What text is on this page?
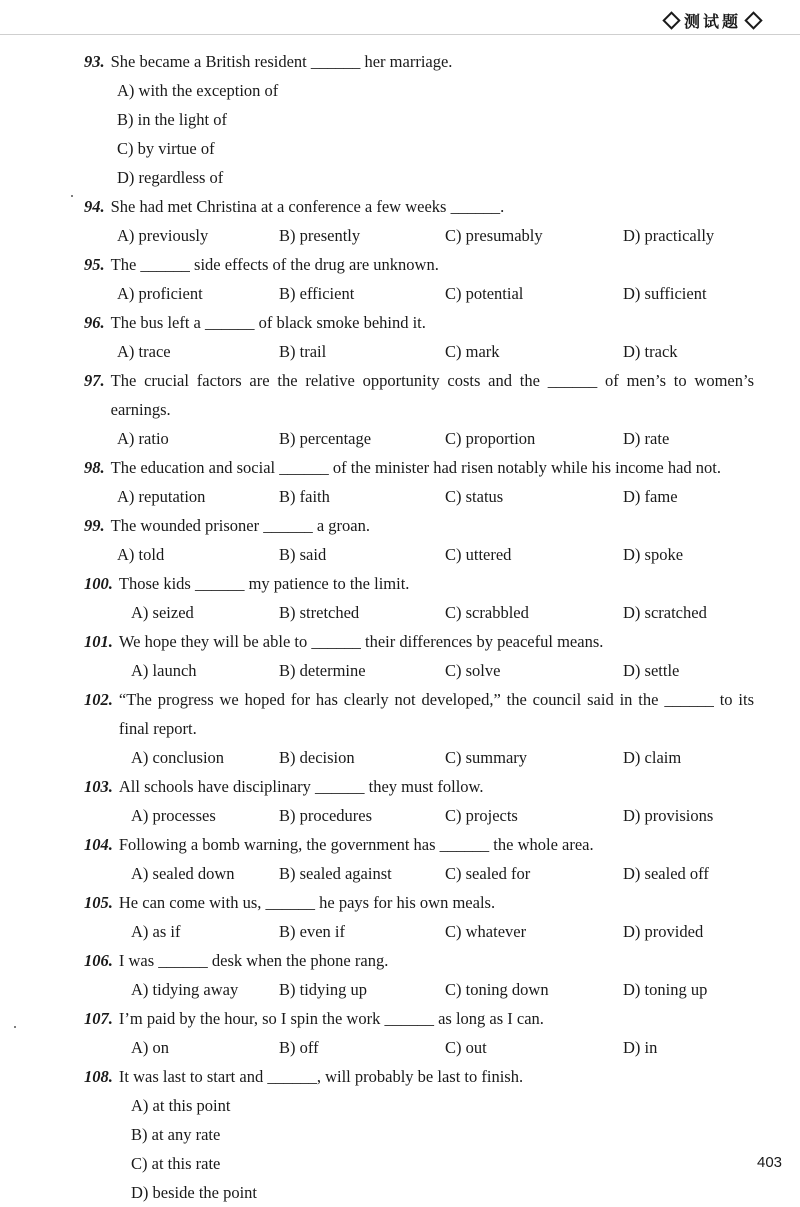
测试题
93. She became a British resident ______ her marriage.
A) with the exception of
B) in the light of
C) by virtue of
D) regardless of
94. She had met Christina at a conference a few weeks ______.
A) previously	B) presently	C) presumably	D) practically
95. The ______ side effects of the drug are unknown.
A) proficient	B) efficient	C) potential	D) sufficient
96. The bus left a ______ of black smoke behind it.
A) trace	B) trail	C) mark	D) track
97. The crucial factors are the relative opportunity costs and the ______ of men’s to women’s earnings.
A) ratio	B) percentage	C) proportion	D) rate
98. The education and social ______ of the minister had risen notably while his income had not.
A) reputation	B) faith	C) status	D) fame
99. The wounded prisoner ______ a groan.
A) told	B) said	C) uttered	D) spoke
100. Those kids ______ my patience to the limit.
A) seized	B) stretched	C) scrabbled	D) scratched
101. We hope they will be able to ______ their differences by peaceful means.
A) launch	B) determine	C) solve	D) settle
102. “The progress we hoped for has clearly not developed,” the council said in the ______ to its final report.
A) conclusion	B) decision	C) summary	D) claim
103. All schools have disciplinary ______ they must follow.
A) processes	B) procedures	C) projects	D) provisions
104. Following a bomb warning, the government has ______ the whole area.
A) sealed down	B) sealed against	C) sealed for	D) sealed off
105. He can come with us, ______ he pays for his own meals.
A) as if	B) even if	C) whatever	D) provided
106. I was ______ desk when the phone rang.
A) tidying away	B) tidying up	C) toning down	D) toning up
107. I’m paid by the hour, so I spin the work ______ as long as I can.
A) on	B) off	C) out	D) in
108. It was last to start and ______, will probably be last to finish.
A) at this point
B) at any rate
C) at this rate
D) beside the point
403
